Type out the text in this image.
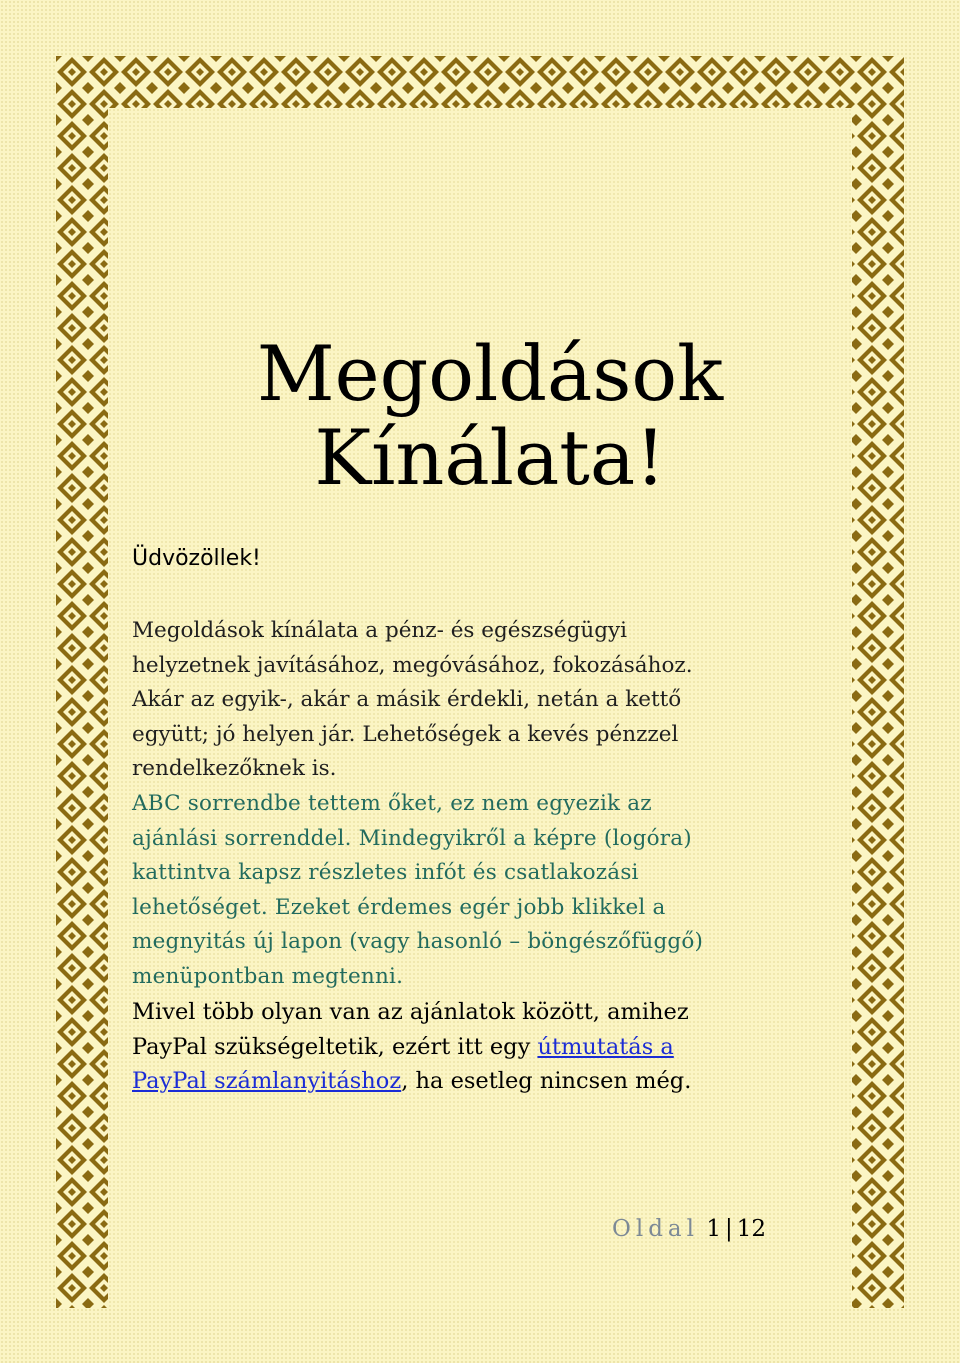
Megoldások
Kínálata!

Üdvözöllek!

Megoldások kínálata a pénz- és egészségügyi
helyzetnek javításához, megóvásához, fokozásához.
Akár az egyik-, akár a másik érdekli, netán a kettő
együtt; jó helyen jár. Lehetőségek a kevés pénzzel
rendelkezőknek is.

ABC sorrendbe tettem őket, ez nem egyezik az
ajánlási sorrenddel. Mindegyikről a képre (logóra)
kattintva kapsz részletes infót és csatlakozási
lehetőséget. Ezeket érdemes egér jobb klikkel a
megnyitás új lapon (vagy hasonló – böngészőfüggő)
menüpontban megtenni.

Mivel több olyan van az ajánlatok között, amihez
PayPal szükségeltetik, ezért itt egy útmutatás a
PayPal számlanyitáshoz, ha esetleg nincsen még.

Oldal 1 | 12
